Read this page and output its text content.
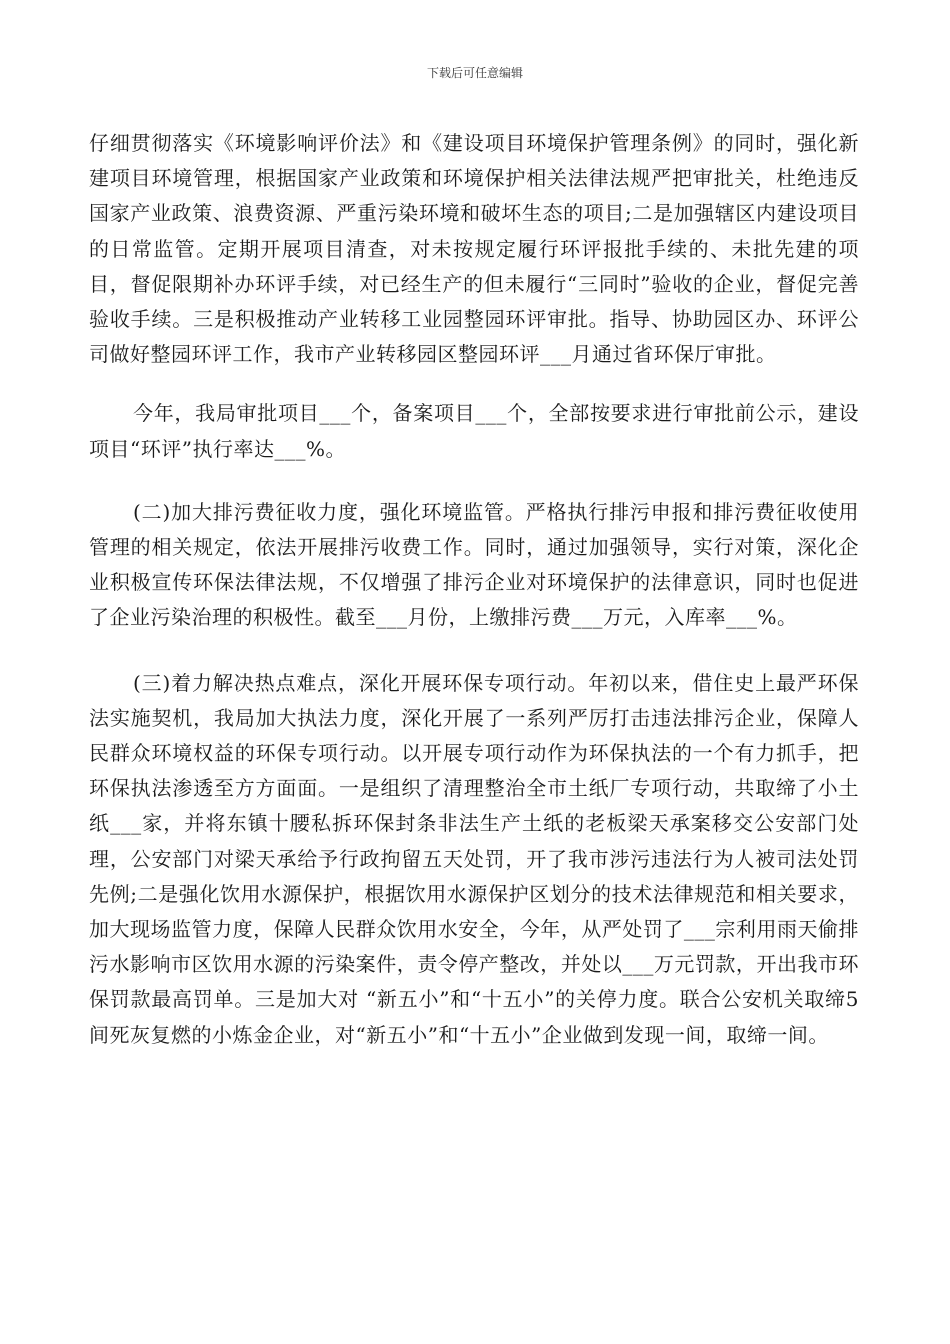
下载后可任意编辑

仔细贯彻落实《环境影响评价法》和《建设项目环境保护管理条例》的同时，强化新建项目环境管理，根据国家产业政策和环境保护相关法律法规严把审批关，杜绝违反国家产业政策、浪费资源、严重污染环境和破坏生态的项目;二是加强辖区内建设项目的日常监管。定期开展项目清查，对未按规定履行环评报批手续的、未批先建的项目，督促限期补办环评手续，对已经生产的但未履行“三同时”验收的企业，督促完善验收手续。三是积极推动产业转移工业园整园环评审批。指导、协助园区办、环评公司做好整园环评工作，我市产业转移园区整园环评___月通过省环保厅审批。

今年，我局审批项目___个，备案项目___个，全部按要求进行审批前公示，建设项目“环评”执行率达___%。

(二)加大排污费征收力度，强化环境监管。严格执行排污申报和排污费征收使用管理的相关规定，依法开展排污收费工作。同时，通过加强领导，实行对策，深化企业积极宣传环保法律法规，不仅增强了排污企业对环境保护的法律意识，同时也促进了企业污染治理的积极性。截至___月份，上缴排污费___万元，入库率___%。

(三)着力解决热点难点，深化开展环保专项行动。年初以来，借住史上最严环保法实施契机，我局加大执法力度，深化开展了一系列严厉打击违法排污企业，保障人民群众环境权益的环保专项行动。以开展专项行动作为环保执法的一个有力抓手，把环保执法渗透至方方面面。一是组织了清理整治全市土纸厂专项行动，共取缔了小土纸___家，并将东镇十腰私拆环保封条非法生产土纸的老板梁天承案移交公安部门处理，公安部门对梁天承给予行政拘留五天处罚，开了我市涉污违法行为人被司法处罚先例;二是强化饮用水源保护，根据饮用水源保护区划分的技术法律规范和相关要求，加大现场监管力度，保障人民群众饮用水安全，今年，从严处罚了___宗利用雨天偷排污水影响市区饮用水源的污染案件，责令停产整改，并处以___万元罚款，开出我市环保罚款最高罚单。三是加大对 “新五小”和“十五小”的关停力度。联合公安机关取缔5间死灰复燃的小炼金企业，对“新五小”和“十五小”企业做到发现一间，取缔一间。
